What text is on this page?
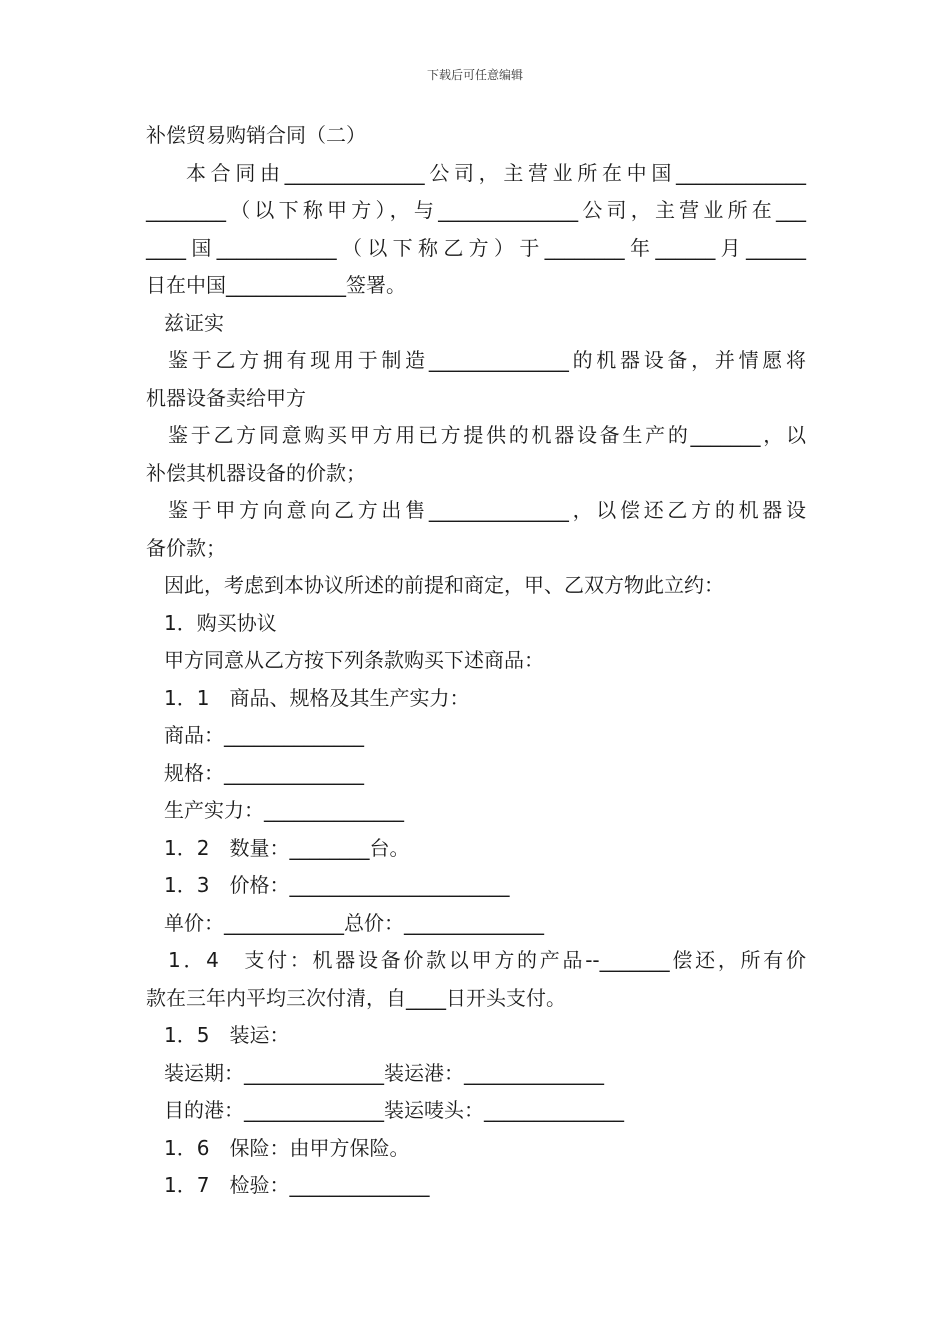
下载后可任意编辑
补偿贸易购销合同（二）
本合同由______________公司，主营业所在中国_____________
________（以下称甲方），与______________公司，主营业所在___
____国____________（以下称乙方）于________年______月______
日在中国____________签署。
兹证实
鉴于乙方拥有现用于制造______________的机器设备，并情愿将
机器设备卖给甲方
鉴于乙方同意购买甲方用已方提供的机器设备生产的_______，以
补偿其机器设备的价款；
鉴于甲方向意向乙方出售______________，以偿还乙方的机器设
备价款；
因此，考虑到本协议所述的前提和商定，甲、乙双方物此立约：
1．购买协议
甲方同意从乙方按下列条款购买下述商品：
1．1　商品、规格及其生产实力：
商品：______________
规格：______________
生产实力：______________
1．2　数量：________台。
1．3　价格：______________________
单价：____________总价：______________
1．4　支付：机器设备价款以甲方的产品--_______偿还，所有价
款在三年内平均三次付清，自____日开头支付。
1．5　装运：
装运期：______________装运港：______________
目的港：______________装运唛头：______________
1．6　保险：由甲方保险。
1．7　检验：______________
